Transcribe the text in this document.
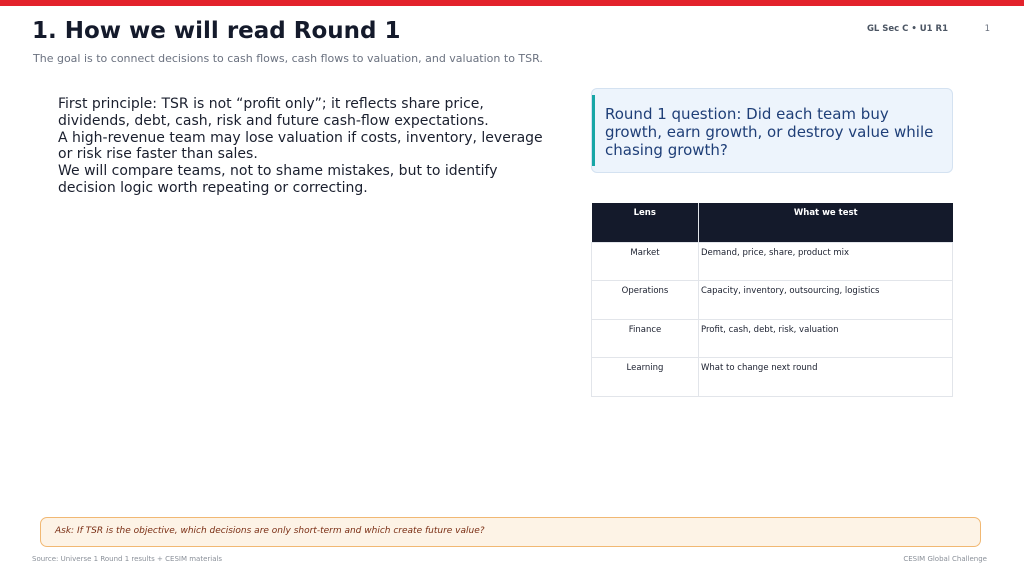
1. How we will read Round 1
The goal is to connect decisions to cash flows, cash flows to valuation, and valuation to TSR.
GL Sec C • U1 R1	1

First principle: TSR is not “profit only”; it reflects share price, dividends, debt, cash, risk and future cash-flow expectations.

A high-revenue team may lose valuation if costs, inventory, leverage or risk rise faster than sales.

We will compare teams, not to shame mistakes, but to identify decision logic worth repeating or correcting.

Round 1 question: Did each team buy growth, earn growth, or destroy value while chasing growth?
Lens	What we test
Market	Demand, price, share, product mix
Operations	Capacity, inventory, outsourcing, logistics
Finance	Profit, cash, debt, risk, valuation
Learning	What to change next round
Ask: If TSR is the objective, which decisions are only short-term and which create future value?
Source: Universe 1 Round 1 results + CESIM materials	CESIM Global Challenge
